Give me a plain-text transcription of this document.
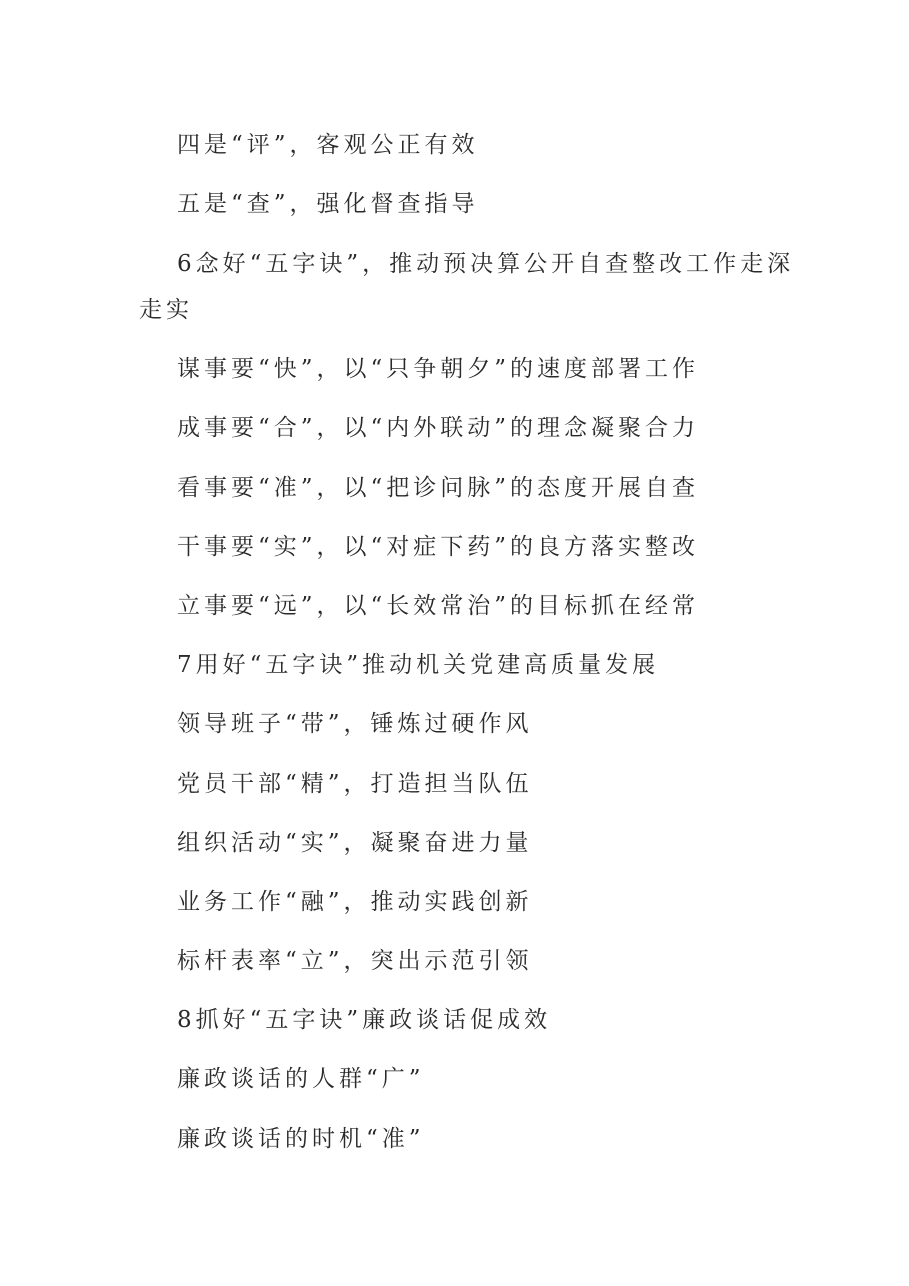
四是“评”，客观公正有效
五是“查”，强化督查指导
6念好“五字诀”，推动预决算公开自查整改工作走深
走实
谋事要“快”，以“只争朝夕”的速度部署工作
成事要“合”，以“内外联动”的理念凝聚合力
看事要“准”，以“把诊问脉”的态度开展自查
干事要“实”，以“对症下药”的良方落实整改
立事要“远”，以“长效常治”的目标抓在经常
7用好“五字诀”推动机关党建高质量发展
领导班子“带”，锤炼过硬作风
党员干部“精”，打造担当队伍
组织活动“实”，凝聚奋进力量
业务工作“融”，推动实践创新
标杆表率“立”，突出示范引领
8抓好“五字诀”廉政谈话促成效
廉政谈话的人群“广”
廉政谈话的时机“准”
